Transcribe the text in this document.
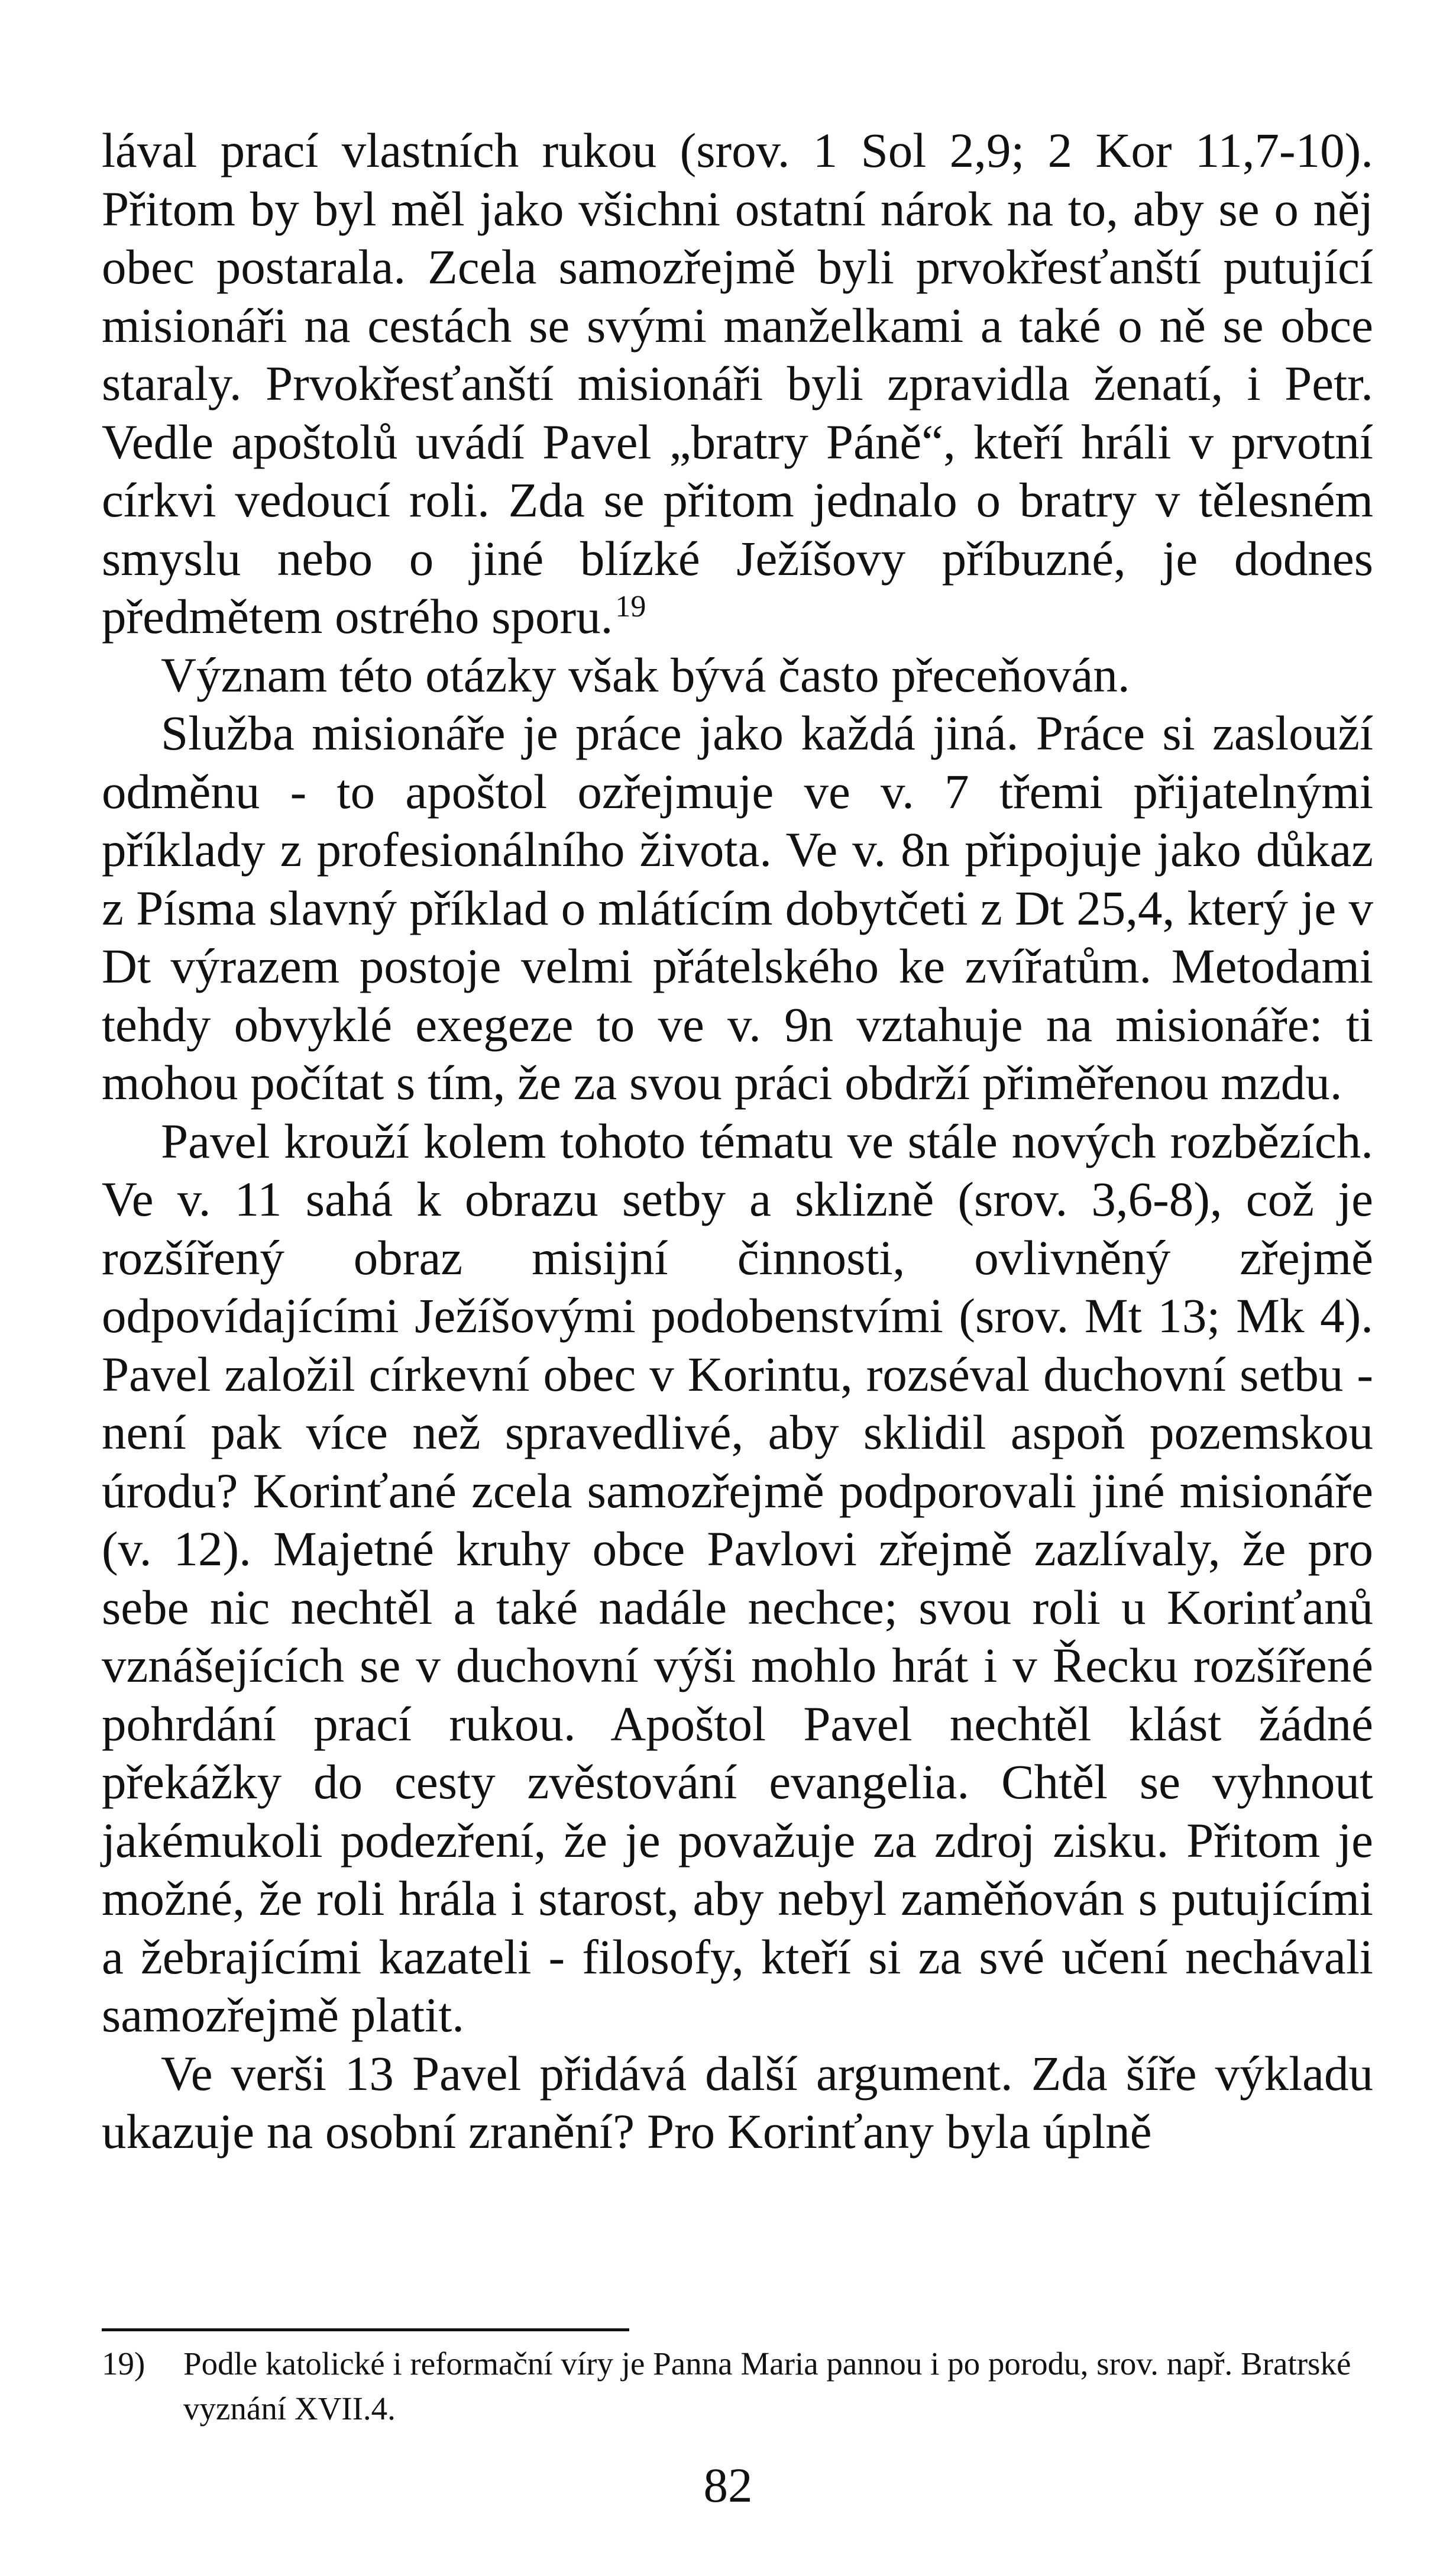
lával prací vlastních rukou (srov. 1 Sol 2,9; 2 Kor 11,7-10). Přitom by byl měl jako všichni ostatní nárok na to, aby se o něj obec postarala. Zcela samozřejmě byli prvokřesťanští putující misionáři na cestách se svými manželkami a také o ně se obce staraly. Prvokřesťanští misionáři byli zpravidla ženatí, i Petr. Vedle apoštolů uvádí Pavel „bratry Páně“, kteří hráli v prvotní církvi vedoucí roli. Zda se přitom jednalo o bratry v tělesném smyslu nebo o jiné blízké Ježíšovy příbuzné, je dodnes předmětem ostrého sporu.$^{19}$

Význam této otázky však bývá často přeceňován.

Služba misionáře je práce jako každá jiná. Práce si zaslouží odměnu - to apoštol ozřejmuje ve v. 7 třemi přijatelnými příklady z profesionálního života. Ve v. 8n připojuje jako důkaz z Písma slavný příklad o mlátícím dobytčeti z Dt 25,4, který je v Dt výrazem postoje velmi přátelského ke zvířatům. Metodami tehdy obvyklé exegeze to ve v. 9n vztahuje na misionáře: ti mohou počítat s tím, že za svou práci obdrží přiměřenou mzdu.

Pavel krouží kolem tohoto tématu ve stále nových rozbězích. Ve v. 11 sahá k obrazu setby a sklizně (srov. 3,6-8), což je rozšířený obraz misijní činnosti, ovlivněný zřejmě odpovídajícími Ježíšovými podobenstvími (srov. Mt 13; Mk 4). Pavel založil církevní obec v Korintu, rozséval duchovní setbu - není pak více než spravedlivé, aby sklidil aspoň pozemskou úrodu? Korinťané zcela samozřejmě podporovali jiné misionáře (v. 12). Majetné kruhy obce Pavlovi zřejmě zazlívaly, že pro sebe nic nechtěl a také nadále nechce; svou roli u Korinťanů vznášejících se v duchovní výši mohlo hrát i v Řecku rozšířené pohrdání prací rukou. Apoštol Pavel nechtěl klást žádné překážky do cesty zvěstování evangelia. Chtěl se vyhnout jakémukoli podezření, že je považuje za zdroj zisku. Přitom je možné, že roli hrála i starost, aby nebyl zaměňován s putujícími a žebrajícími kazateli - filosofy, kteří si za své učení nechávali samozřejmě platit.

Ve verši 13 Pavel přidává další argument. Zda šíře výkladu ukazuje na osobní zranění? Pro Korinťany byla úplně

19)	Podle katolické i reformační víry je Panna Maria pannou i po porodu, srov. např. Bratrské vyznání XVII.4.
82
